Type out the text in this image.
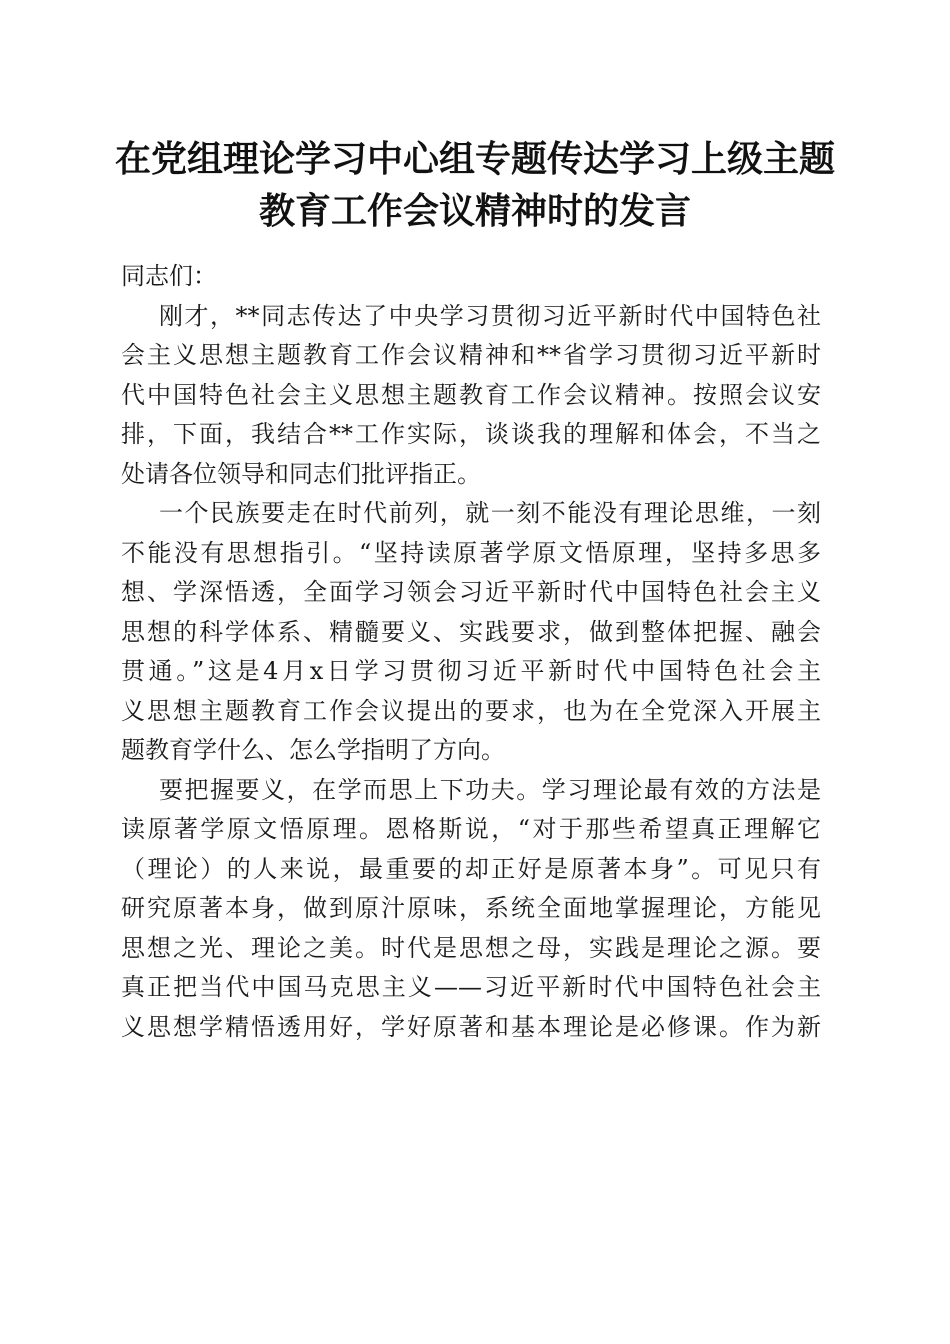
在党组理论学习中心组专题传达学习上级主题
教育工作会议精神时的发言

同志们：

刚才，**同志传达了中央学习贯彻习近平新时代中国特色社
会主义思想主题教育工作会议精神和**省学习贯彻习近平新时
代中国特色社会主义思想主题教育工作会议精神。按照会议安
排，下面，我结合**工作实际，谈谈我的理解和体会，不当之
处请各位领导和同志们批评指正。

一个民族要走在时代前列，就一刻不能没有理论思维，一刻
不能没有思想指引。“坚持读原著学原文悟原理，坚持多思多
想、学深悟透，全面学习领会习近平新时代中国特色社会主义
思想的科学体系、精髓要义、实践要求，做到整体把握、融会
贯通。”这是4月x日学习贯彻习近平新时代中国特色社会主
义思想主题教育工作会议提出的要求，也为在全党深入开展主
题教育学什么、怎么学指明了方向。

要把握要义，在学而思上下功夫。学习理论最有效的方法是
读原著学原文悟原理。恩格斯说，“对于那些希望真正理解它
（理论）的人来说，最重要的却正好是原著本身”。可见只有
研究原著本身，做到原汁原味，系统全面地掌握理论，方能见
思想之光、理论之美。时代是思想之母，实践是理论之源。要
真正把当代中国马克思主义——习近平新时代中国特色社会主
义思想学精悟透用好，学好原著和基本理论是必修课。作为新
